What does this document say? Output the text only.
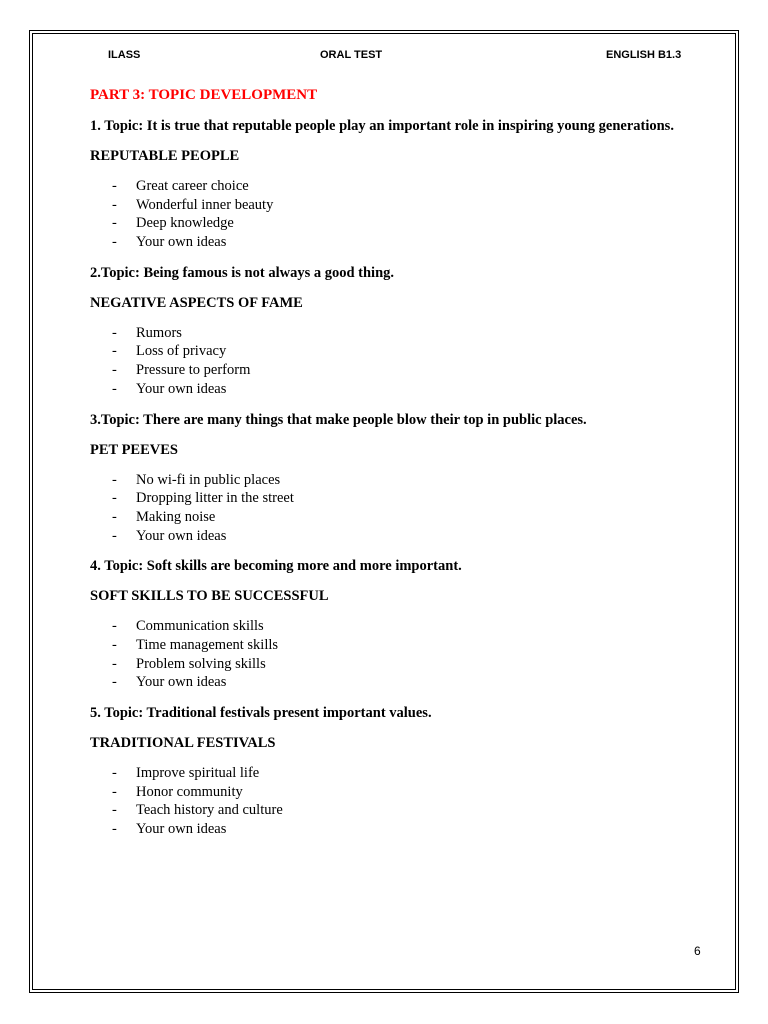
ILASS	ORAL TEST	ENGLISH B1.3

PART 3: TOPIC DEVELOPMENT

1. Topic: It is true that reputable people play an important role in inspiring young generations.

REPUTABLE PEOPLE

- Great career choice
- Wonderful inner beauty
- Deep knowledge
- Your own ideas

2.Topic: Being famous is not always a good thing.

NEGATIVE ASPECTS OF FAME

- Rumors
- Loss of privacy
- Pressure to perform
- Your own ideas

3.Topic: There are many things that make people blow their top in public places.

PET PEEVES

- No wi-fi in public places
- Dropping litter in the street
- Making noise
- Your own ideas

4. Topic: Soft skills are becoming more and more important.

SOFT SKILLS TO BE SUCCESSFUL

- Communication skills
- Time management skills
- Problem solving skills
- Your own ideas

5. Topic: Traditional festivals present important values.

TRADITIONAL FESTIVALS

- Improve spiritual life
- Honor community
- Teach history and culture
- Your own ideas
6
